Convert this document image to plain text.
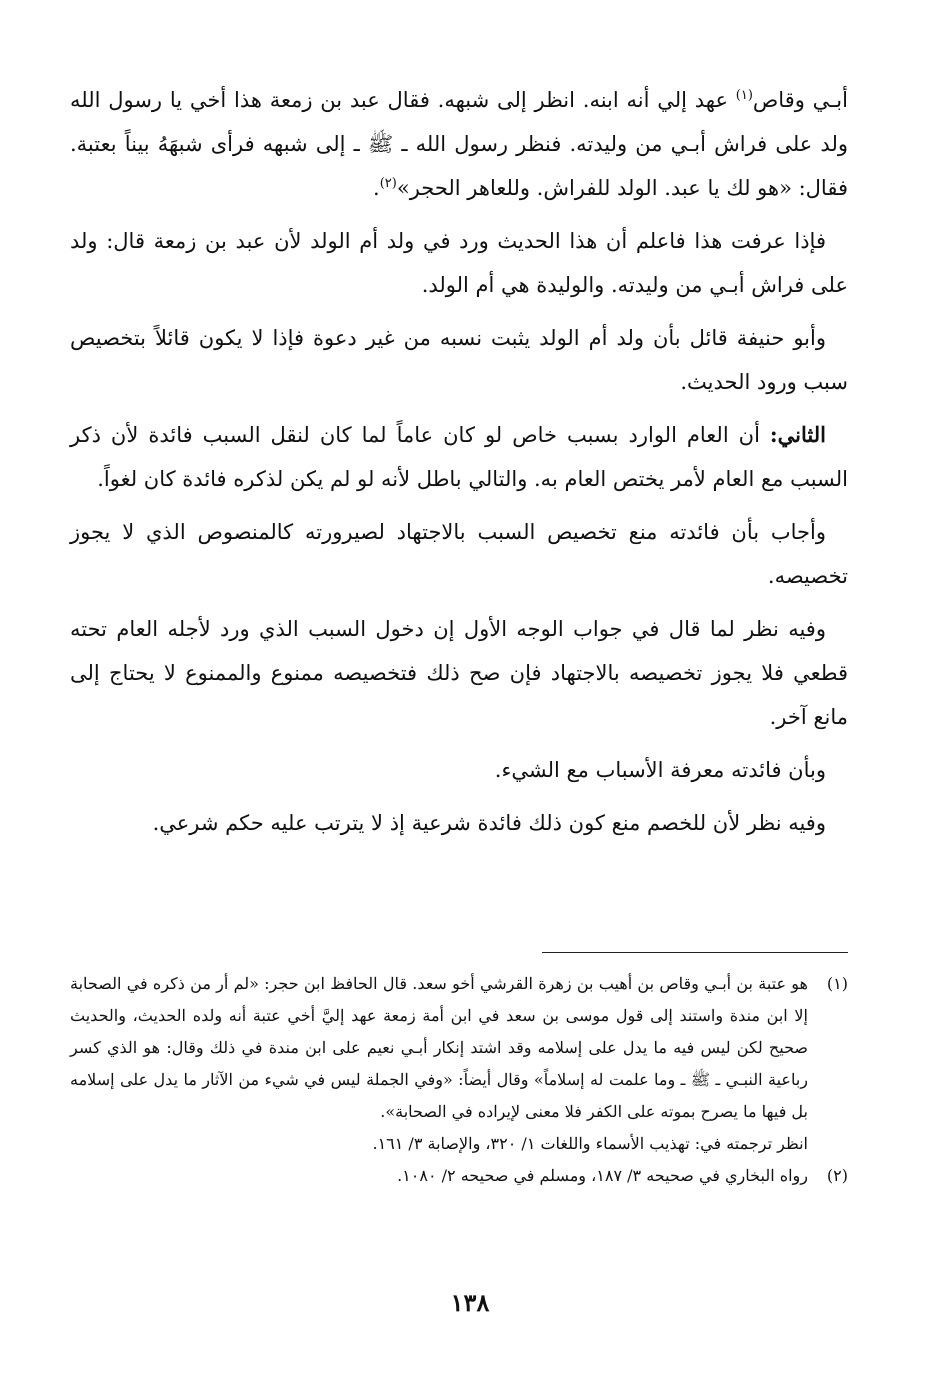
أبـي وقاص$^{(١)}$ عهد إلي أنه ابنه. انظر إلى شبهه. فقال عبد بن زمعة هذا أخي يا رسول الله ولد على فراش أبـي من وليدته. فنظر رسول الله ـ ﷺ ـ إلى شبهه فرأى شبهَهُ بيناً بعتبة. فقال: «هو لك يا عبد. الولد للفراش. وللعاهر الحجر»$^{(٢)}$.

فإذا عرفت هذا فاعلم أن هذا الحديث ورد في ولد أم الولد لأن عبد بن زمعة قال: ولد على فراش أبـي من وليدته. والوليدة هي أم الولد.

وأبو حنيفة قائل بأن ولد أم الولد يثبت نسبه من غير دعوة فإذا لا يكون قائلاً بتخصيص سبب ورود الحديث.

الثاني: أن العام الوارد بسبب خاص لو كان عاماً لما كان لنقل السبب فائدة لأن ذكر السبب مع العام لأمر يختص العام به. والتالي باطل لأنه لو لم يكن لذكره فائدة كان لغواً.

وأجاب بأن فائدته منع تخصيص السبب بالاجتهاد لصيرورته كالمنصوص الذي لا يجوز تخصيصه.

وفيه نظر لما قال في جواب الوجه الأول إن دخول السبب الذي ورد لأجله العام تحته قطعي فلا يجوز تخصيصه بالاجتهاد فإن صح ذلك فتخصيصه ممنوع والممنوع لا يحتاج إلى مانع آخر.

وبأن فائدته معرفة الأسباب مع الشيء.

وفيه نظر لأن للخصم منع كون ذلك فائدة شرعية إذ لا يترتب عليه حكم شرعي.

(١)
هو عتبة بن أبـي وقاص بن أهيب بن زهرة القرشي أخو سعد. قال الحافظ ابن حجر: «لم أر من ذكره في الصحابة إلا ابن مندة واستند إلى قول موسى بن سعد في ابن أمة زمعة عهد إليَّ أخي عتبة أنه ولده الحديث، والحديث صحيح لكن ليس فيه ما يدل على إسلامه وقد اشتد إنكار أبـي نعيم على ابن مندة في ذلك وقال: هو الذي كسر رباعية النبـي ـ ﷺ ـ وما علمت له إسلاماً» وقال أيضاً: «وفي الجملة ليس في شيء من الآثار ما يدل على إسلامه بل فيها ما يصرح بموته على الكفر فلا معنى لإيراده في الصحابة».
انظر ترجمته في: تهذيب الأسماء واللغات ١/ ٣٢٠، والإصابة ٣/ ١٦١.
(٢)
رواه البخاري في صحيحه ٣/ ١٨٧، ومسلم في صحيحه ٢/ ١٠٨٠.
١٣٨
